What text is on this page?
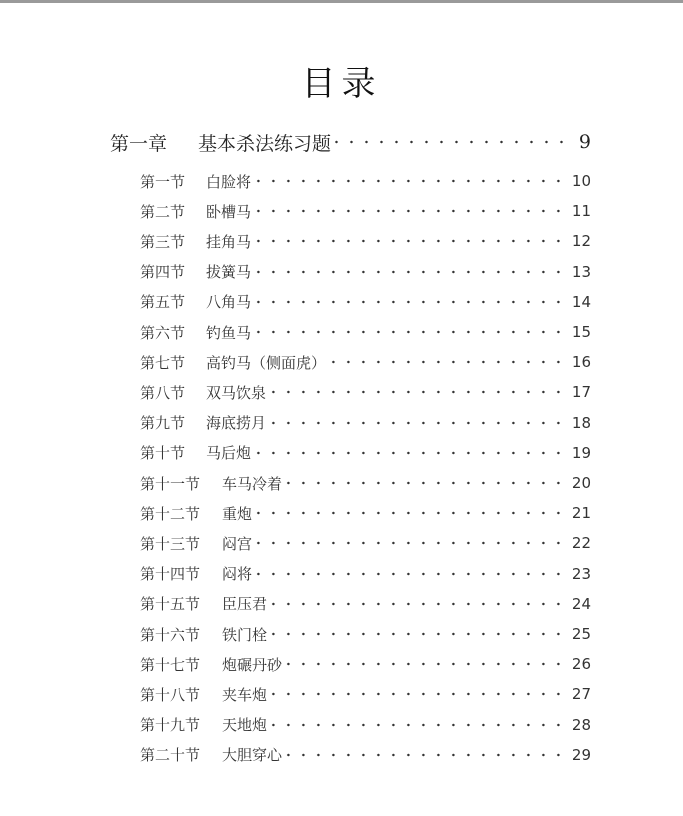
目录
第一章	基本杀法练习题	9
第一节	白脸将	10
第二节	卧槽马	11
第三节	挂角马	12
第四节	拔簧马	13
第五节	八角马	14
第六节	钓鱼马	15
第七节	高钓马（侧面虎）	16
第八节	双马饮泉	17
第九节	海底捞月	18
第十节	马后炮	19
第十一节	车马冷着	20
第十二节	重炮	21
第十三节	闷宫	22
第十四节	闷将	23
第十五节	臣压君	24
第十六节	铁门栓	25
第十七节	炮碾丹砂	26
第十八节	夹车炮	27
第十九节	天地炮	28
第二十节	大胆穿心	29
